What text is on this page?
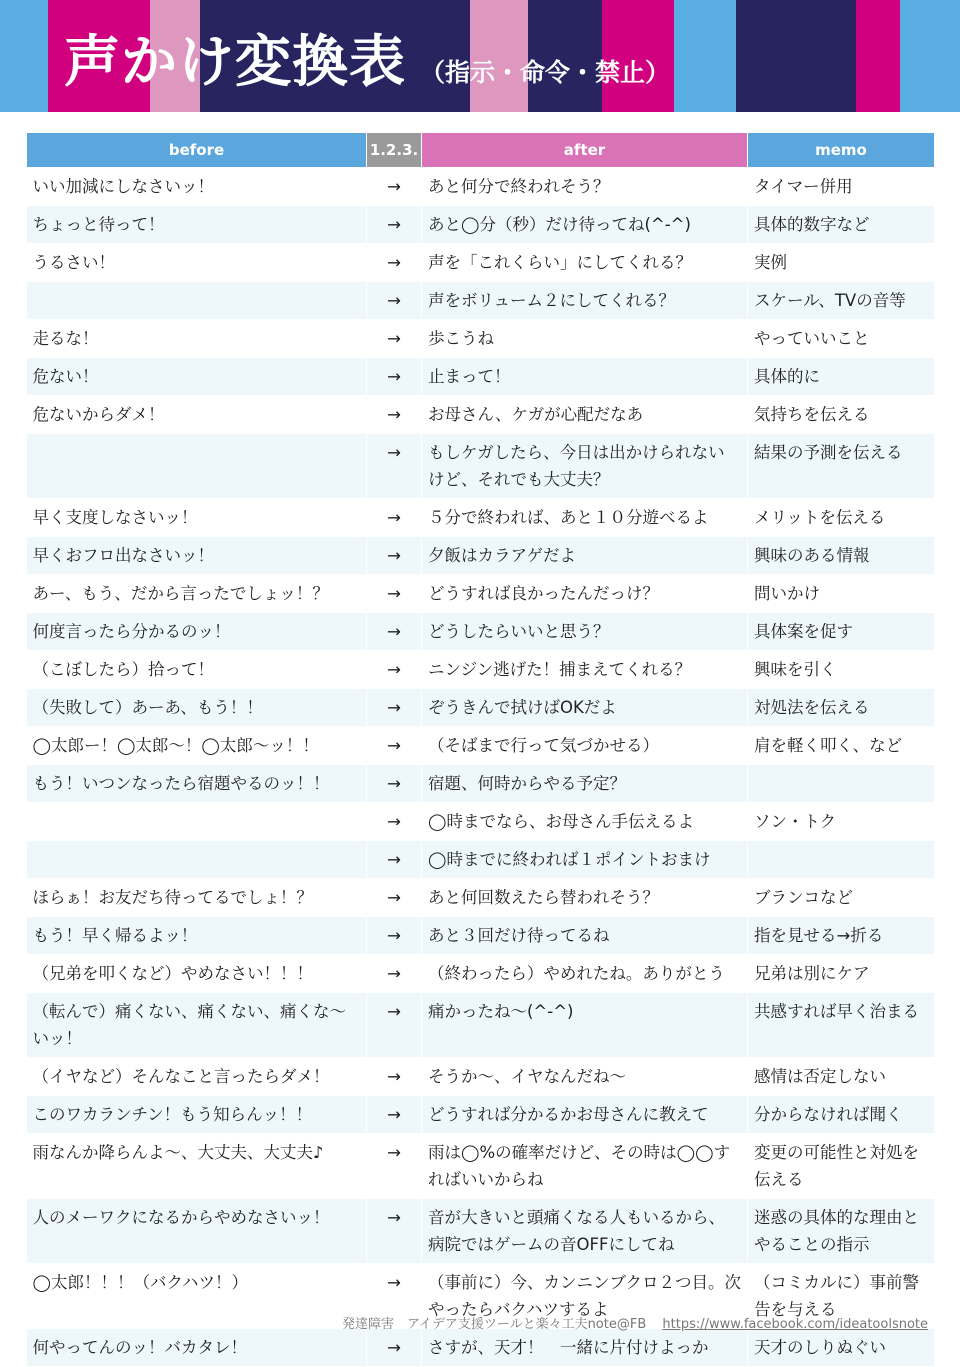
声かけ変換表 （指示・命令・禁止）
before	1.2.3.	after	memo
いい加減にしなさいッ！	→	あと何分で終われそう？	タイマー併用
ちょっと待って！	→	あと◯分（秒）だけ待ってね(^-^)	具体的数字など
うるさい！	→	声を「これくらい」にしてくれる？	実例
	→	声をボリューム２にしてくれる？	スケール、TVの音等
走るな！	→	歩こうね	やっていいこと
危ない！	→	止まって！	具体的に
危ないからダメ！	→	お母さん、ケガが心配だなあ	気持ちを伝える
	→	もしケガしたら、今日は出かけられないけど、それでも大丈夫？	結果の予測を伝える
早く支度しなさいッ！	→	５分で終われば、あと１０分遊べるよ	メリットを伝える
早くおフロ出なさいッ！	→	夕飯はカラアゲだよ	興味のある情報
あー、もう、だから言ったでしょッ！？	→	どうすれば良かったんだっけ？	問いかけ
何度言ったら分かるのッ！	→	どうしたらいいと思う？	具体案を促す
（こぼしたら）拾って！	→	ニンジン逃げた！捕まえてくれる？	興味を引く
（失敗して）あーあ、もう！！	→	ぞうきんで拭けばOKだよ	対処法を伝える
◯太郎ー！◯太郎〜！◯太郎〜ッ！！	→	（そばまで行って気づかせる）	肩を軽く叩く、など
もう！いつンなったら宿題やるのッ！！	→	宿題、何時からやる予定？	
	→	◯時までなら、お母さん手伝えるよ	ソン・トク
	→	◯時までに終われば１ポイントおまけ	
ほらぁ！お友だち待ってるでしょ！？	→	あと何回数えたら替われそう？	ブランコなど
もう！早く帰るよッ！	→	あと３回だけ待ってるね	指を見せる→折る
（兄弟を叩くなど）やめなさい！！！	→	（終わったら）やめれたね。ありがとう	兄弟は別にケア
（転んで）痛くない、痛くない、痛くな〜いッ！	→	痛かったね〜(^-^)	共感すれば早く治まる
（イヤなど）そんなこと言ったらダメ！	→	そうか〜、イヤなんだね〜	感情は否定しない
このワカランチン！もう知らんッ！！	→	どうすれば分かるかお母さんに教えて	分からなければ聞く
雨なんか降らんよ〜、大丈夫、大丈夫♪	→	雨は◯%の確率だけど、その時は◯◯すればいいからね	変更の可能性と対処を伝える
人のメーワクになるからやめなさいッ！	→	音が大きいと頭痛くなる人もいるから、病院ではゲームの音OFFにしてね	迷惑の具体的な理由とやることの指示
◯太郎！！！（バクハツ！）	→	（事前に）今、カンニンブクロ２つ目。次やったらバクハツするよ	（コミカルに）事前警告を与える
何やってんのッ！バカタレ！	→	さすが、天才！　一緒に片付けよっか	天才のしりぬぐい
発達障害　アイデア支援ツールと楽々工夫note@FB https://www.facebook.com/ideatoolsnote
